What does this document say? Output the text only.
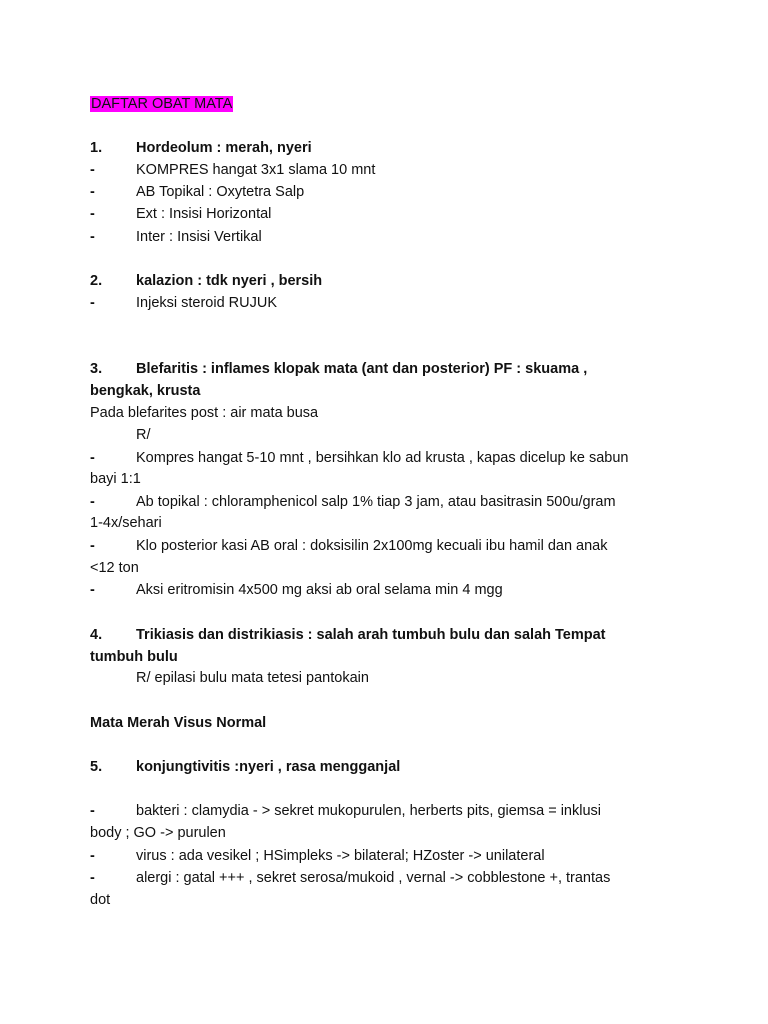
DAFTAR OBAT MATA
1. Hordeolum : merah, nyeri
-	KOMPRES hangat 3x1 slama 10 mnt
-	AB Topikal : Oxytetra Salp
-	Ext : Insisi Horizontal
-	Inter : Insisi Vertikal
2. kalazion : tdk nyeri , bersih
-	Injeksi steroid RUJUK
3. Blefaritis : inflames klopak mata (ant dan posterior) PF : skuama ,
bengkak, krusta
Pada blefarites post : air mata busa
R/
-	Kompres hangat 5-10 mnt , bersihkan klo ad krusta , kapas dicelup ke sabun
bayi 1:1
-	Ab topikal : chloramphenicol salp 1% tiap 3 jam, atau basitrasin 500u/gram
1-4x/sehari
-	Klo posterior kasi AB oral : doksisilin 2x100mg kecuali ibu hamil dan anak
<12 ton
-	Aksi eritromisin 4x500 mg aksi ab oral selama min 4 mgg
4. Trikiasis dan distrikiasis : salah arah tumbuh bulu dan salah Tempat
tumbuh bulu
R/ epilasi bulu mata tetesi pantokain
Mata Merah Visus Normal
5. konjungtivitis :nyeri , rasa mengganjal
-	bakteri : clamydia - > sekret mukopurulen, herberts pits, giemsa = inklusi
body ; GO -> purulen
-	virus : ada vesikel ; HSimpleks -> bilateral; HZoster -> unilateral
-	alergi : gatal +++ , sekret serosa/mukoid , vernal -> cobblestone +, trantas
dot
